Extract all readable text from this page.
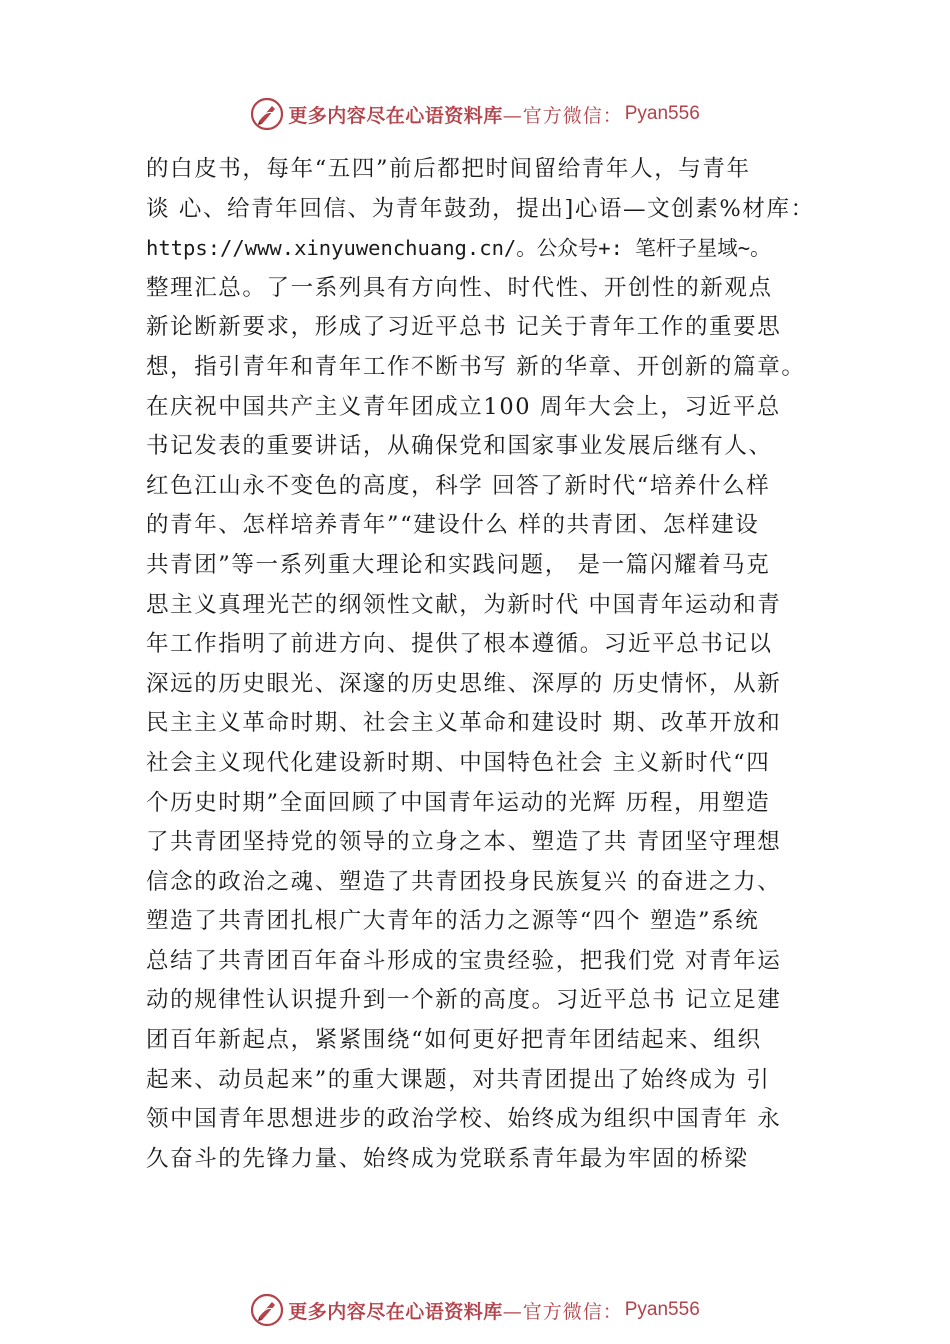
更多内容尽在心语资料库 —官方微信： Pyan556
的白皮书，每年“五四”前后都把时间留给青年人，与青年
谈 心、给青年回信、为青年鼓劲，提出]心语—文创素%材库：
https://www.xinyuwenchuang.cn/。公众号+: 笔杆子星域~。
整理汇总。了一系列具有方向性、时代性、开创性的新观点
新论断新要求，形成了习近平总书 记关于青年工作的重要思
想，指引青年和青年工作不断书写 新的华章、开创新的篇章。
在庆祝中国共产主义青年团成立100 周年大会上，习近平总
书记发表的重要讲话，从确保党和国家事业发展后继有人、
红色江山永不变色的高度，科学 回答了新时代“培养什么样
的青年、怎样培养青年”“建设什么 样的共青团、怎样建设
共青团”等一系列重大理论和实践问题， 是一篇闪耀着马克
思主义真理光芒的纲领性文献，为新时代 中国青年运动和青
年工作指明了前进方向、提供了根本遵循。习近平总书记以
深远的历史眼光、深邃的历史思维、深厚的 历史情怀，从新
民主主义革命时期、社会主义革命和建设时 期、改革开放和
社会主义现代化建设新时期、中国特色社会 主义新时代“四
个历史时期”全面回顾了中国青年运动的光辉 历程，用塑造
了共青团坚持党的领导的立身之本、塑造了共 青团坚守理想
信念的政治之魂、塑造了共青团投身民族复兴 的奋进之力、
塑造了共青团扎根广大青年的活力之源等“四个 塑造”系统
总结了共青团百年奋斗形成的宝贵经验，把我们党 对青年运
动的规律性认识提升到一个新的高度。习近平总书 记立足建
团百年新起点，紧紧围绕“如何更好把青年团结起来、组织
起来、动员起来”的重大课题，对共青团提出了始终成为 引
领中国青年思想进步的政治学校、始终成为组织中国青年 永
久奋斗的先锋力量、始终成为党联系青年最为牢固的桥梁
更多内容尽在心语资料库 —官方微信： Pyan556
